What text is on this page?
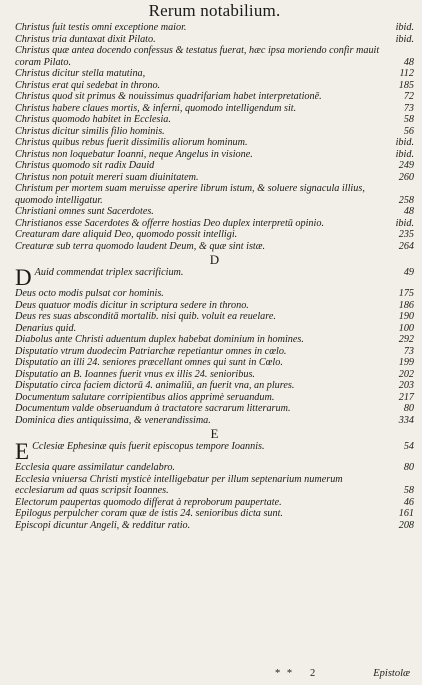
Rerum notabilium.
Christus fuit testis omni exceptione maior.	ibid.
Christus tria duntaxat dixit Pilato.	ibid.
Christus quæ antea docendo confessus & testatus fuerat, hæc ipsa moriendo confir mauit coram Pilato.	48
Christus dicitur stella matutina,	112
Christus erat qui sedebat in throno.	185
Christus quod sit primus & nouissimus quadrifariam habet interpretationē.	72
Christus habere claues mortis, & inferni, quomodo intelligendum sit.	73
Christus quomodo habitet in Ecclesia.	58
Christus dicitur similis filio hominis.	56
Christus quibus rebus fuerit dissimilis aliorum hominum.	ibid.
Christus non loquebatur Ioanni, neque Angelus in visione.	ibid.
Christus quomodo sit radix Dauid	249
Christus non potuit mereri suam diuinitatem.	260
Christum per mortem suam meruisse aperire librum istum, & soluere signacula illius, quomodo intelligatur.	258
Christiani omnes sunt Sacerdotes.	48
Christianos esse Sacerdotes & offerre hostias Deo duplex interpretū opinio.	ibid.
Creaturam dare aliquid Deo, quomodo possit intelligi.	235
Creaturæ sub terra quomodo laudent Deum, & quæ sint istæ.	264
D
D Auid commendat triplex sacrificium.	49
Deus octo modis pulsat cor hominis.	175
Deus quatuor modis dicitur in scriptura sedere in throno.	186
Deus res suas absconditā mortalib. nisi quib. voluit ea reuelare.	190
Denarius quid.	100
Diabolus ante Christi aduentum duplex habebat dominium in homines.	292
Disputatio vtrum duodecim Patriarchæ repetiantur omnes in cœlo.	73
Disputatio an illi 24. seniores præcellant omnes qui sunt in Cœlo.	199
Disputatio an B. Ioannes fuerit vnus ex illis 24. senioribus.	202
Disputatio circa faciem dictorū 4. animaliū, an fuerit vna, an plures.	203
Documentum salutare corripientibus alios apprimè seruandum.	217
Documentum valde obseruandum à tractatore sacrarum litterarum.	80
Dominica dies antiquissima, & venerandissima.	334
E
E Cclesiæ Ephesinæ quis fuerit episcopus tempore Ioannis.	54
Ecclesia quare assimilatur candelabro.	80
Ecclesia vniuersa Christi mysticè intelligebatur per illum septenarium numerum ecclesiarum ad quas scripsit Ioannes.	58
Electorum paupertas quomodo differat à reproborum paupertate.	46
Epilogus perpulcher coram quæ de istis 24. senioribus dicta sunt.	161
Episcopi dicuntur Angeli, & redditur ratio.	208
* * 2	Epistolæ
